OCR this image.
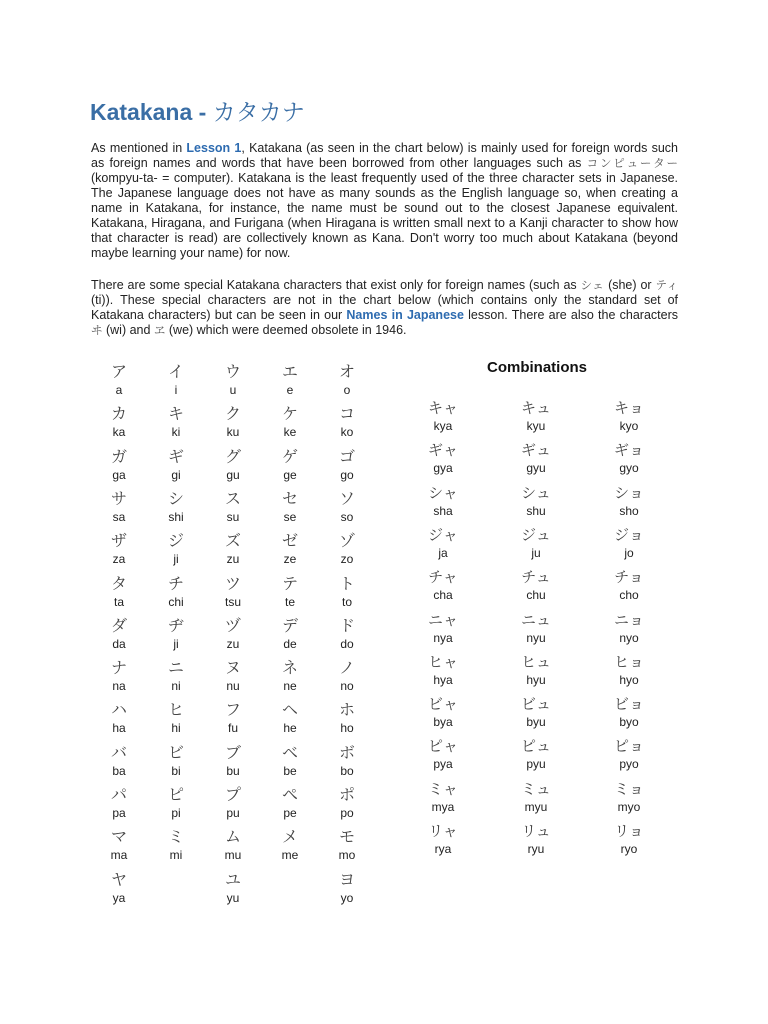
Katakana - カタカナ
As mentioned in Lesson 1, Katakana (as seen in the chart below) is mainly used for foreign words such as foreign names and words that have been borrowed from other languages such as コンピューター (kompyu-ta- = computer). Katakana is the least frequently used of the three character sets in Japanese. The Japanese language does not have as many sounds as the English language so, when creating a name in Katakana, for instance, the name must be sound out to the closest Japanese equivalent. Katakana, Hiragana, and Furigana (when Hiragana is written small next to a Kanji character to show how that character is read) are collectively known as Kana. Don't worry too much about Katakana (beyond maybe learning your name) for now.
There are some special Katakana characters that exist only for foreign names (such as シェ (she) or ティ (ti)). These special characters are not in the chart below (which contains only the standard set of Katakana characters) but can be seen in our Names in Japanese lesson. There are also the characters ヰ (wi) and ヱ (we) which were deemed obsolete in 1946.
ア
a
イ
i
ウ
u
エ
e
オ
o
カ
ka
キ
ki
ク
ku
ケ
ke
コ
ko
ガ
ga
ギ
gi
グ
gu
ゲ
ge
ゴ
go
サ
sa
シ
shi
ス
su
セ
se
ソ
so
ザ
za
ジ
ji
ズ
zu
ゼ
ze
ゾ
zo
タ
ta
チ
chi
ツ
tsu
テ
te
ト
to
ダ
da
ヂ
ji
ヅ
zu
デ
de
ド
do
ナ
na
ニ
ni
ヌ
nu
ネ
ne
ノ
no
ハ
ha
ヒ
hi
フ
fu
ヘ
he
ホ
ho
バ
ba
ビ
bi
ブ
bu
ベ
be
ボ
bo
パ
pa
ピ
pi
プ
pu
ペ
pe
ポ
po
マ
ma
ミ
mi
ム
mu
メ
me
モ
mo
ヤ
ya
ユ
yu
ヨ
yo
Combinations
キャ
kya
キュ
kyu
キョ
kyo
ギャ
gya
ギュ
gyu
ギョ
gyo
シャ
sha
シュ
shu
ショ
sho
ジャ
ja
ジュ
ju
ジョ
jo
チャ
cha
チュ
chu
チョ
cho
ニャ
nya
ニュ
nyu
ニョ
nyo
ヒャ
hya
ヒュ
hyu
ヒョ
hyo
ビャ
bya
ビュ
byu
ビョ
byo
ピャ
pya
ピュ
pyu
ピョ
pyo
ミャ
mya
ミュ
myu
ミョ
myo
リャ
rya
リュ
ryu
リョ
ryo
